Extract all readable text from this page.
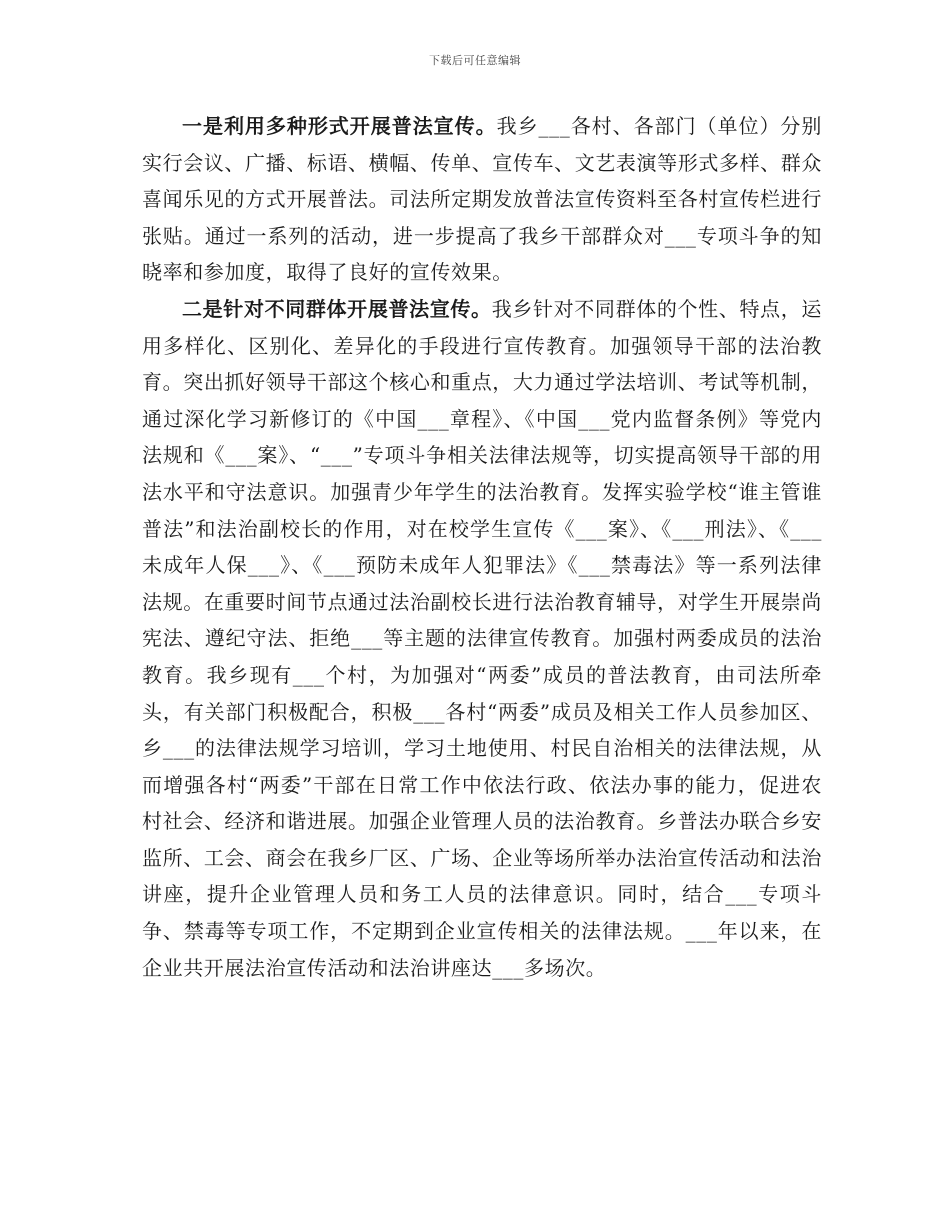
下载后可任意编辑

一是利用多种形式开展普法宣传。我乡___各村、各部门（单位）分别实行会议、广播、标语、横幅、传单、宣传车、文艺表演等形式多样、群众喜闻乐见的方式开展普法。司法所定期发放普法宣传资料至各村宣传栏进行张贴。通过一系列的活动，进一步提高了我乡干部群众对___专项斗争的知晓率和参加度，取得了良好的宣传效果。

二是针对不同群体开展普法宣传。我乡针对不同群体的个性、特点，运用多样化、区别化、差异化的手段进行宣传教育。加强领导干部的法治教育。突出抓好领导干部这个核心和重点，大力通过学法培训、考试等机制，通过深化学习新修订的《中国___章程》、《中国___党内监督条例》等党内法规和《___案》、“___”专项斗争相关法律法规等，切实提高领导干部的用法水平和守法意识。加强青少年学生的法治教育。发挥实验学校“谁主管谁普法”和法治副校长的作用，对在校学生宣传《___案》、《___刑法》、《___未成年人保___》、《___预防未成年人犯罪法》《___禁毒法》等一系列法律法规。在重要时间节点通过法治副校长进行法治教育辅导，对学生开展崇尚宪法、遵纪守法、拒绝___等主题的法律宣传教育。加强村两委成员的法治教育。我乡现有___个村，为加强对“两委”成员的普法教育，由司法所牵头，有关部门积极配合，积极___各村“两委”成员及相关工作人员参加区、乡___的法律法规学习培训，学习土地使用、村民自治相关的法律法规，从而增强各村“两委”干部在日常工作中依法行政、依法办事的能力，促进农村社会、经济和谐进展。加强企业管理人员的法治教育。乡普法办联合乡安监所、工会、商会在我乡厂区、广场、企业等场所举办法治宣传活动和法治讲座，提升企业管理人员和务工人员的法律意识。同时，结合___专项斗争、禁毒等专项工作，不定期到企业宣传相关的法律法规。___年以来，在企业共开展法治宣传活动和法治讲座达___多场次。
